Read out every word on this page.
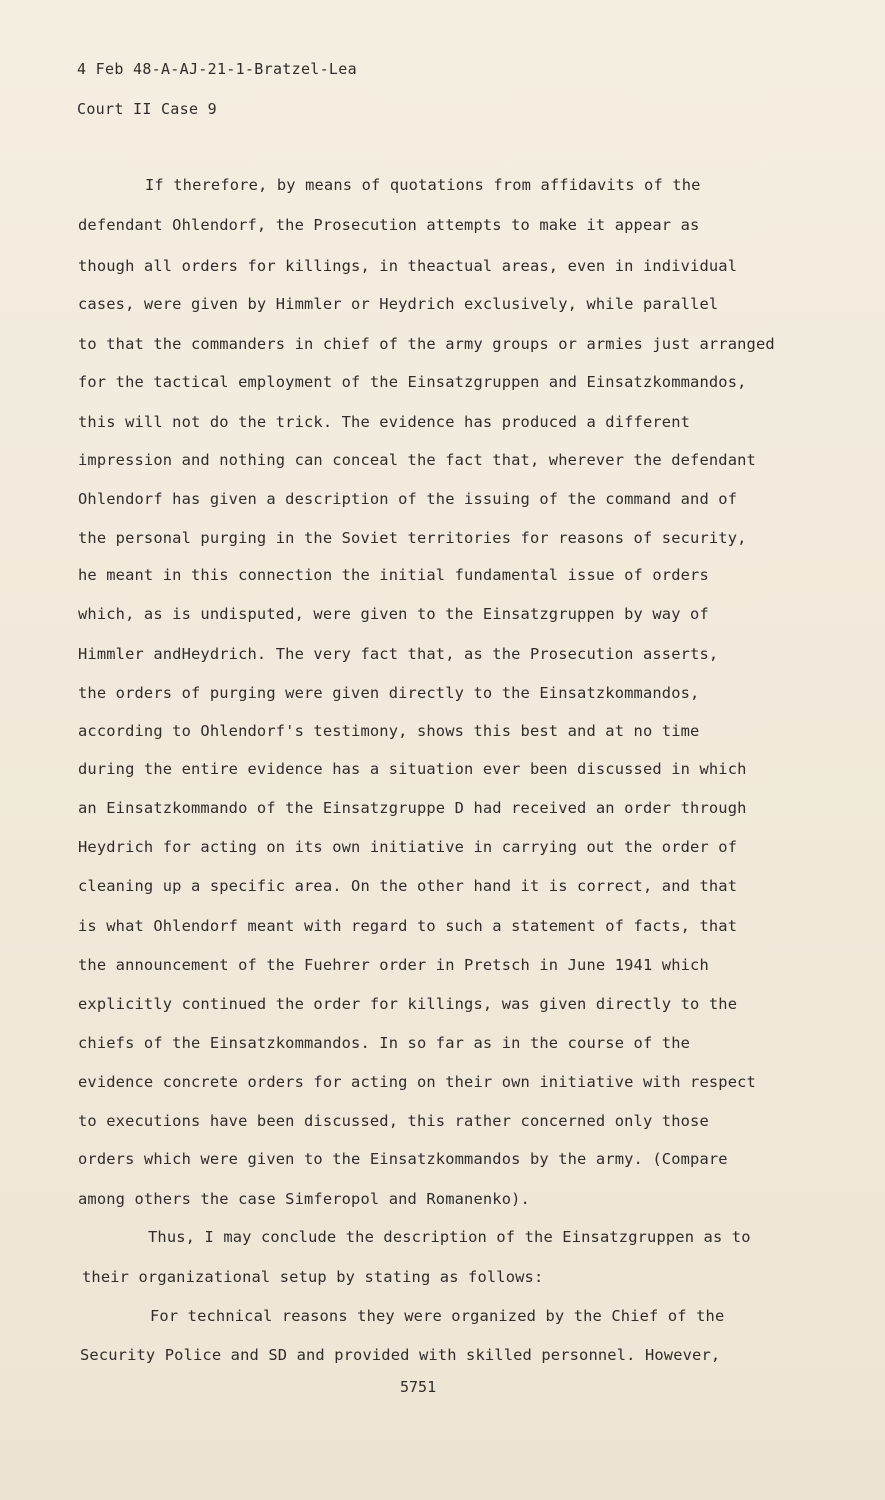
4 Feb 48-A-AJ-21-1-Bratzel-Lea
Court II Case 9
If therefore, by means of quotations from affidavits of the
defendant Ohlendorf, the Prosecution attempts to make it appear as
though all orders for killings, in theactual areas, even in individual
cases, were given by Himmler or Heydrich exclusively, while parallel
to that the commanders in chief of the army groups or armies just arranged
for the tactical employment of the Einsatzgruppen and Einsatzkommandos,
this will not do the trick. The evidence has produced a different
impression and nothing can conceal the fact that, wherever the defendant
Ohlendorf has given a description of the issuing of the command and of
the personal purging in the Soviet territories for reasons of security,
he meant in this connection the initial fundamental issue of orders
which, as is undisputed, were given to the Einsatzgruppen by way of
Himmler andHeydrich. The very fact that, as the Prosecution asserts,
the orders of purging were given directly to the Einsatzkommandos,
according to Ohlendorf's testimony, shows this best and at no time
during the entire evidence has a situation ever been discussed in which
an Einsatzkommando of the Einsatzgruppe D had received an order through
Heydrich for acting on its own initiative in carrying out the order of
cleaning up a specific area. On the other hand it is correct, and that
is what Ohlendorf meant with regard to such a statement of facts, that
the announcement of the Fuehrer order in Pretsch in June 1941 which
explicitly continued the order for killings, was given directly to the
chiefs of the Einsatzkommandos. In so far as in the course of the
evidence concrete orders for acting on their own initiative with respect
to executions have been discussed, this rather concerned only those
orders which were given to the Einsatzkommandos by the army. (Compare
among others the case Simferopol and Romanenko).
Thus, I may conclude the description of the Einsatzgruppen as to
their organizational setup by stating as follows:
For technical reasons they were organized by the Chief of the
Security Police and SD and provided with skilled personnel. However,
5751
